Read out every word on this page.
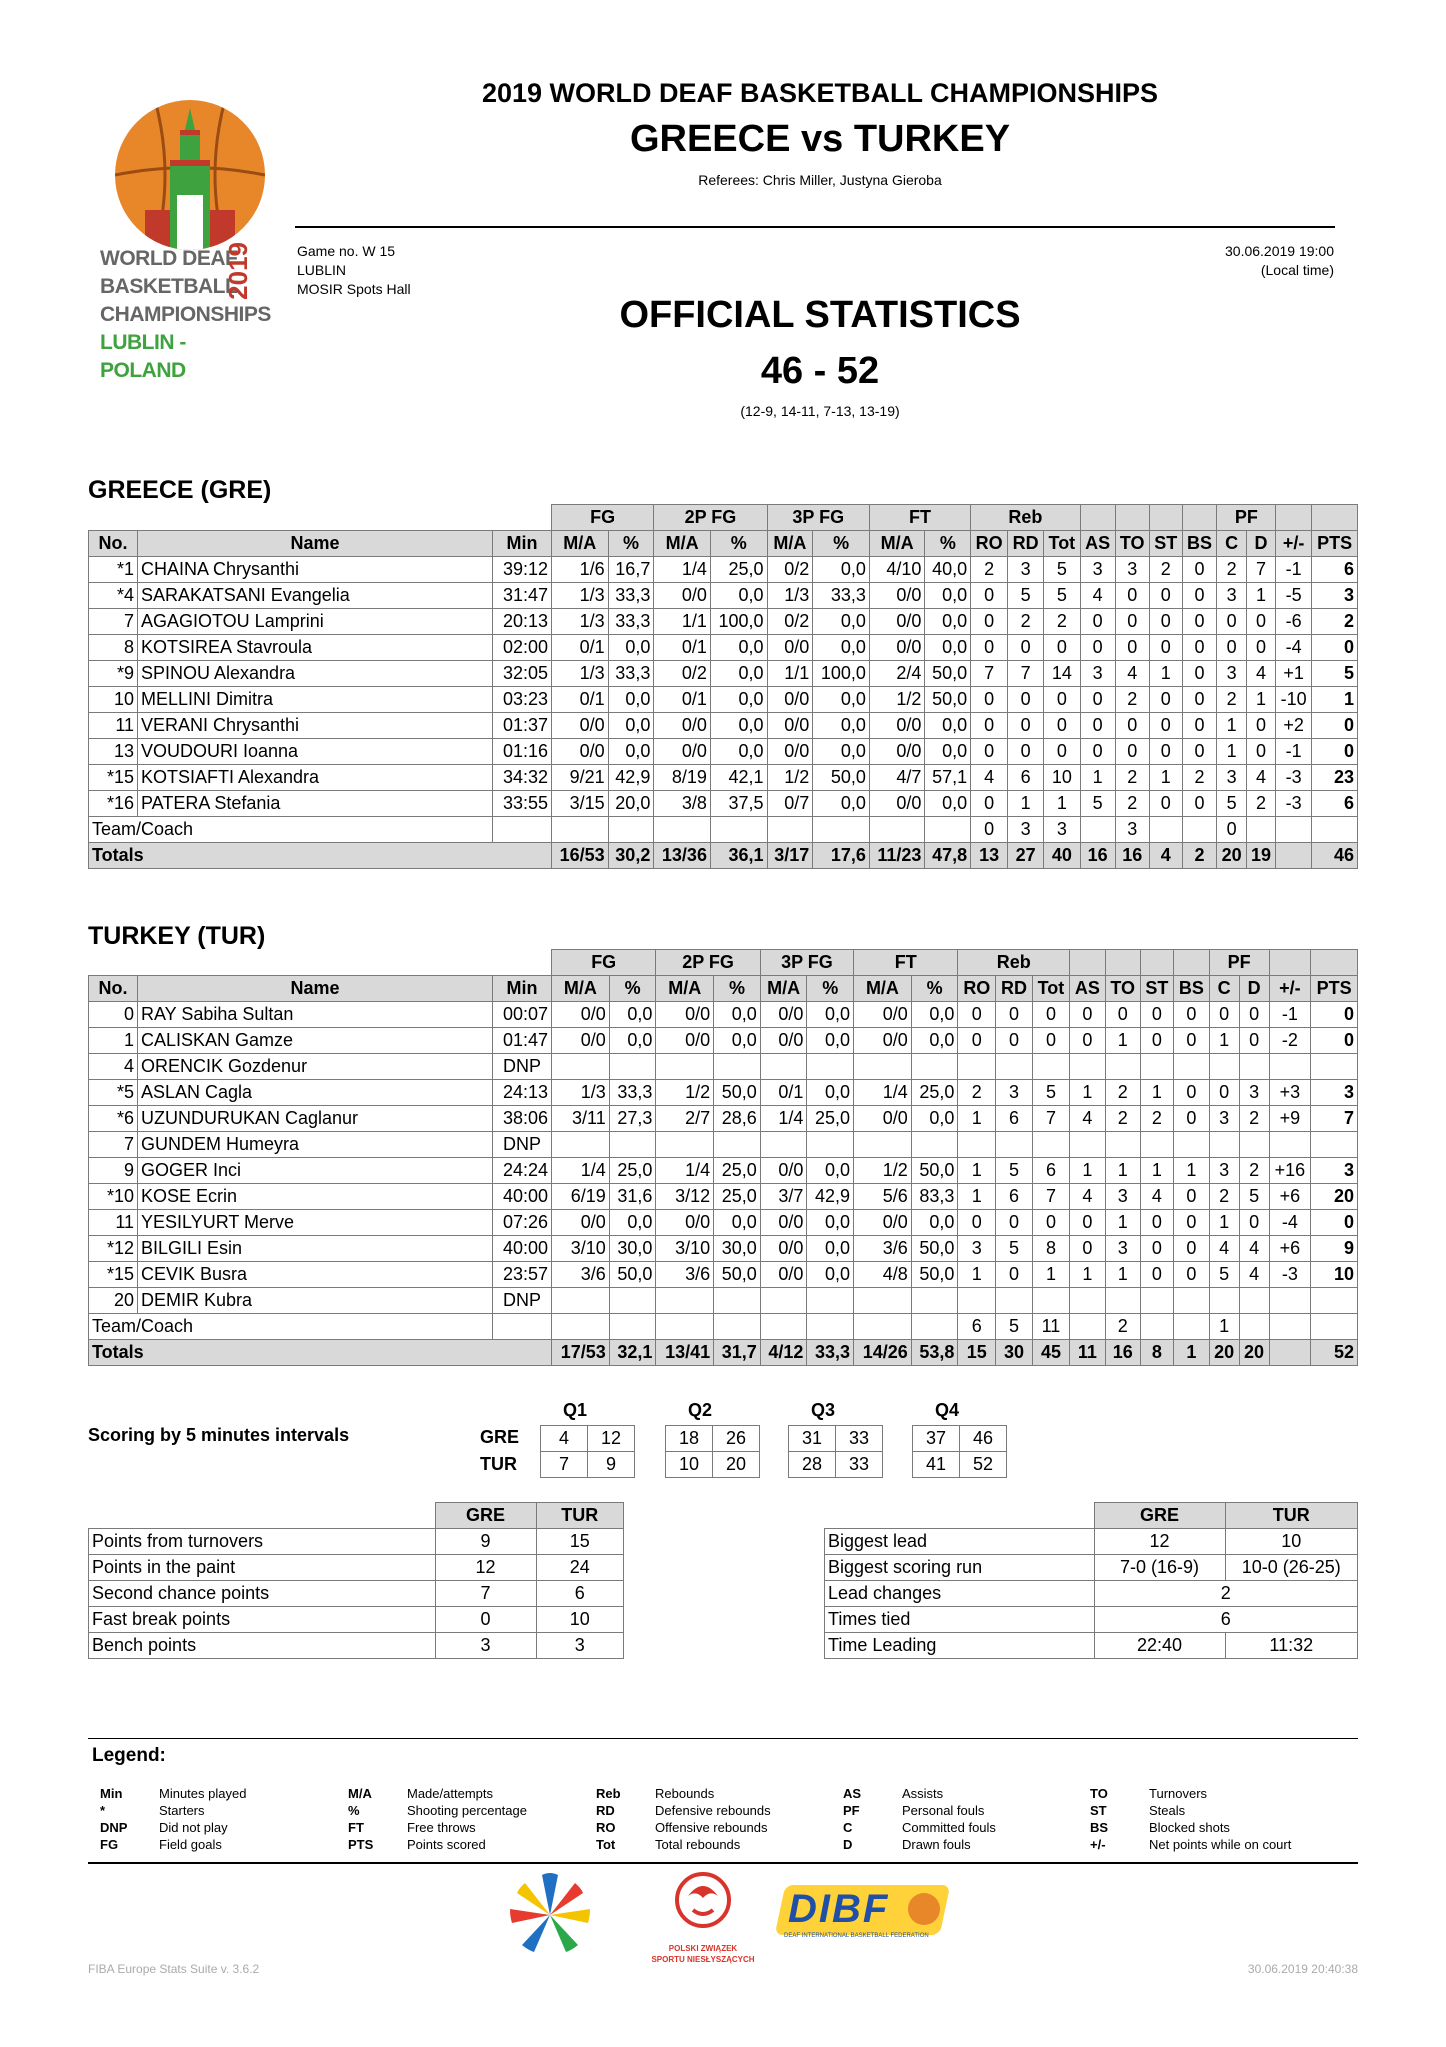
WORLD DEAF
BASKETBALL
CHAMPIONSHIPS
LUBLIN - POLAND
2019
2019 WORLD DEAF BASKETBALL CHAMPIONSHIPS
GREECE vs TURKEY
Referees: Chris Miller, Justyna Gieroba
Game no. W 15
LUBLIN
MOSIR Spots Hall
30.06.2019 19:00
(Local time)
OFFICIAL STATISTICS
46 - 52
(12-9, 14-11, 7-13, 13-19)
GREECE (GRE)
			FG		2P FG		3P FG		FT		Reb							PF			
No.	Name	Min	M/A	%	M/A	%	M/A	%	M/A	%	RO	RD	Tot	AS	TO	ST	BS	C	D	+/-	PTS
*1	CHAINA Chrysanthi	39:12	1/6	16,7	1/4	25,0	0/2	0,0	4/10	40,0	2	3	5	3	3	2	0	2	7	-1	6
*4	SARAKATSANI Evangelia	31:47	1/3	33,3	0/0	0,0	1/3	33,3	0/0	0,0	0	5	5	4	0	0	0	3	1	-5	3
7	AGAGIOTOU Lamprini	20:13	1/3	33,3	1/1	100,0	0/2	0,0	0/0	0,0	0	2	2	0	0	0	0	0	0	-6	2
8	KOTSIREA Stavroula	02:00	0/1	0,0	0/1	0,0	0/0	0,0	0/0	0,0	0	0	0	0	0	0	0	0	0	-4	0
*9	SPINOU Alexandra	32:05	1/3	33,3	0/2	0,0	1/1	100,0	2/4	50,0	7	7	14	3	4	1	0	3	4	+1	5
10	MELLINI Dimitra	03:23	0/1	0,0	0/1	0,0	0/0	0,0	1/2	50,0	0	0	0	0	2	0	0	2	1	-10	1
11	VERANI Chrysanthi	01:37	0/0	0,0	0/0	0,0	0/0	0,0	0/0	0,0	0	0	0	0	0	0	0	1	0	+2	0
13	VOUDOURI Ioanna	01:16	0/0	0,0	0/0	0,0	0/0	0,0	0/0	0,0	0	0	0	0	0	0	0	1	0	-1	0
*15	KOTSIAFTI Alexandra	34:32	9/21	42,9	8/19	42,1	1/2	50,0	4/7	57,1	4	6	10	1	2	1	2	3	4	-3	23
*16	PATERA Stefania	33:55	3/15	20,0	3/8	37,5	0/7	0,0	0/0	0,0	0	1	1	5	2	0	0	5	2	-3	6
Team/Coach											0	3	3		3			0			
Totals			16/53	30,2	13/36	36,1	3/17	17,6	11/23	47,8	13	27	40	16	16	4	2	20	19		46
TURKEY (TUR)
			FG		2P FG		3P FG		FT		Reb							PF			
No.	Name	Min	M/A	%	M/A	%	M/A	%	M/A	%	RO	RD	Tot	AS	TO	ST	BS	C	D	+/-	PTS
0	RAY Sabiha Sultan	00:07	0/0	0,0	0/0	0,0	0/0	0,0	0/0	0,0	0	0	0	0	0	0	0	0	0	-1	0
1	CALISKAN Gamze	01:47	0/0	0,0	0/0	0,0	0/0	0,0	0/0	0,0	0	0	0	0	1	0	0	1	0	-2	0
4	ORENCIK Gozdenur	DNP																			
*5	ASLAN Cagla	24:13	1/3	33,3	1/2	50,0	0/1	0,0	1/4	25,0	2	3	5	1	2	1	0	0	3	+3	3
*6	UZUNDURUKAN Caglanur	38:06	3/11	27,3	2/7	28,6	1/4	25,0	0/0	0,0	1	6	7	4	2	2	0	3	2	+9	7
7	GUNDEM Humeyra	DNP																			
9	GOGER Inci	24:24	1/4	25,0	1/4	25,0	0/0	0,0	1/2	50,0	1	5	6	1	1	1	1	3	2	+16	3
*10	KOSE Ecrin	40:00	6/19	31,6	3/12	25,0	3/7	42,9	5/6	83,3	1	6	7	4	3	4	0	2	5	+6	20
11	YESILYURT Merve	07:26	0/0	0,0	0/0	0,0	0/0	0,0	0/0	0,0	0	0	0	0	1	0	0	1	0	-4	0
*12	BILGILI Esin	40:00	3/10	30,0	3/10	30,0	0/0	0,0	3/6	50,0	3	5	8	0	3	0	0	4	4	+6	9
*15	CEVIK Busra	23:57	3/6	50,0	3/6	50,0	0/0	0,0	4/8	50,0	1	0	1	1	1	0	0	5	4	-3	10
20	DEMIR Kubra	DNP																			
Team/Coach											6	5	11		2			1			
Totals			17/53	32,1	13/41	31,7	4/12	33,3	14/26	53,8	15	30	45	11	16	8	1	20	20		52
Scoring by 5 minutes intervals
Q1
4	12
7	9
Q2
18	26
10	20
Q3
31	33
28	33
Q4
37	46
41	52
GRE
TUR
	GRE	TUR
Points from turnovers	9	15
Points in the paint	12	24
Second chance points	7	6
Fast break points	0	10
Bench points	3	3
	GRE	TUR
Biggest lead	12	10
Biggest scoring run	7-0 (16-9)	10-0 (26-25)
Lead changes	2	
Times tied	6	
Time Leading	22:40	11:32
Legend:
Min	Minutes played
*	Starters
DNP Did not play
FG	Field goals
M/A	Made/attempts
%	Shooting percentage
FT	Free throws
PTS	Points scored
Reb	Rebounds
RD	Defensive rebounds
RO	Offensive rebounds
Tot	Total rebounds
AS	Assists
PF	Personal fouls
C	Committed fouls
D	Drawn fouls
TO	Turnovers
ST	Steals
BS	Blocked shots
+/-	Net points while on court
POLSKI ZWIĄZEK
SPORTU NIESŁYSZĄCYCH
DIBF
DEAF INTERNATIONAL BASKETBALL FEDERATION
FIBA Europe Stats Suite v. 3.6.2	30.06.2019 20:40:38
